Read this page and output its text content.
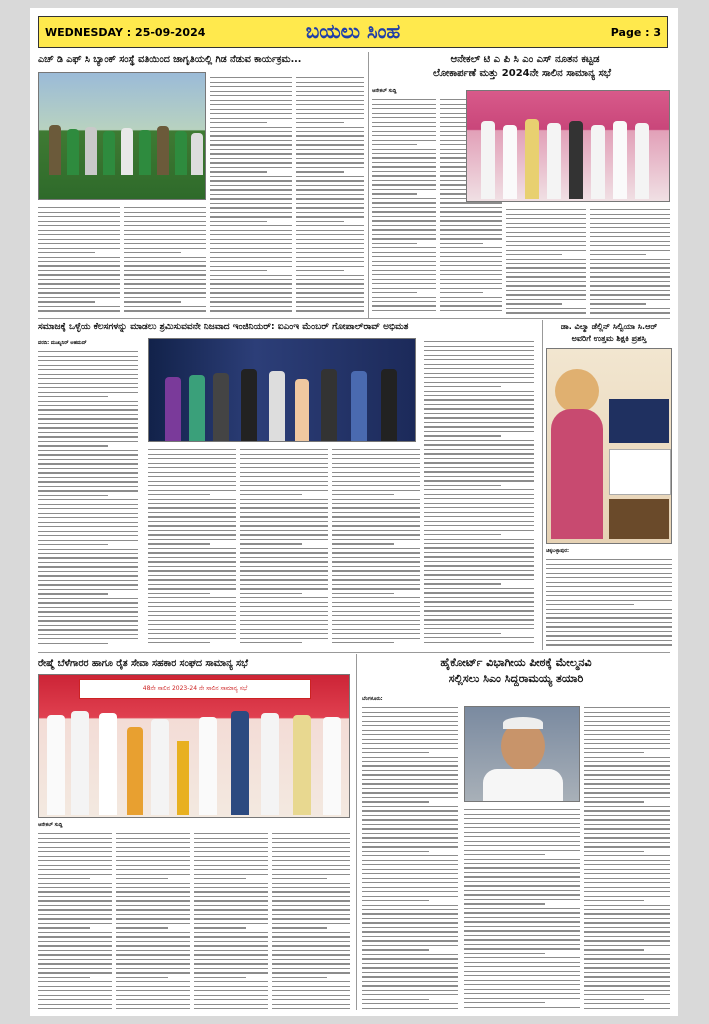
WEDNESDAY : 25-09-2024	ಬಯಲು ಸಿಂಹ	Page : 3
ಎಚ್ ಡಿ ಎಫ್ ಸಿ ಬ್ಯಾಂಕ್ ಸಂಸ್ಥೆ ವತಿಯಿಂದ ಜಾಗೃತಿಯಲ್ಲಿ ಗಿಡ ನೆಡುವ ಕಾರ್ಯಕ್ರಮ...	ಆನೇಕಲ್ ಟಿ ಎ ಪಿ ಸಿ ಎಂ ಎಸ್ ನೂತನ ಕಟ್ಟಡ
ಲೋಕಾರ್ಪಣೆ ಮತ್ತು 2024ನೇ ಸಾಲಿನ ಸಾಮಾನ್ಯ ಸಭೆ
ಆನೇಕಲ್ ಸುದ್ದಿ
ಸಮಾಜಕ್ಕೆ ಒಳ್ಳೆಯ ಕೆಲಸಗಳನ್ನು ಮಾಡಲು ಶ್ರಮಿಸುವವನೇ ನಿಜವಾದ ಇಂಜಿನಿಯರ್: ಐಎಂಇ ಮೆಂಬರ್ ಗೋಪಾಲ್‌ರಾವ್ ಅಭಿಮತ
ವರದಿ: ಮುಖ್ಯನಿರ್ ಅಹಮದ್
ಡಾ. ವಿಲ್ಮಾ ಡೆಲ್ಲಿನ್ ಸಿಲ್ವಿಯಾ ಸಿ.ಆರ್
ಅವರಿಗೆ ಉತ್ತಮ ಶಿಕ್ಷಕಿ ಪ್ರಶಸ್ತಿ
ಚಿಕ್ಕಬಳ್ಳಾಪುರ:
ರೇಷ್ಮೆ ಬೆಳೆಗಾರರ ಹಾಗೂ ರೈತ ಸೇವಾ ಸಹಕಾರ ಸಂಘದ ಸಾಮಾನ್ಯ ಸಭೆ
48ನೇ ಸಾಲಿನ 2023-24 ನೇ ಸಾಲಿನ ಸಾಮಾನ್ಯ ಸಭೆ
ಆನೇಕಲ್ ಸುದ್ದಿ
ಹೈಕೋರ್ಟ್ ವಿಭಾಗೀಯ ಪೀಠಕ್ಕೆ ಮೇಲ್ಮನವಿ
ಸಲ್ಲಿಸಲು ಸಿಎಂ ಸಿದ್ದರಾಮಯ್ಯ ತಯಾರಿ
ಬೆಂಗಳೂರು:
